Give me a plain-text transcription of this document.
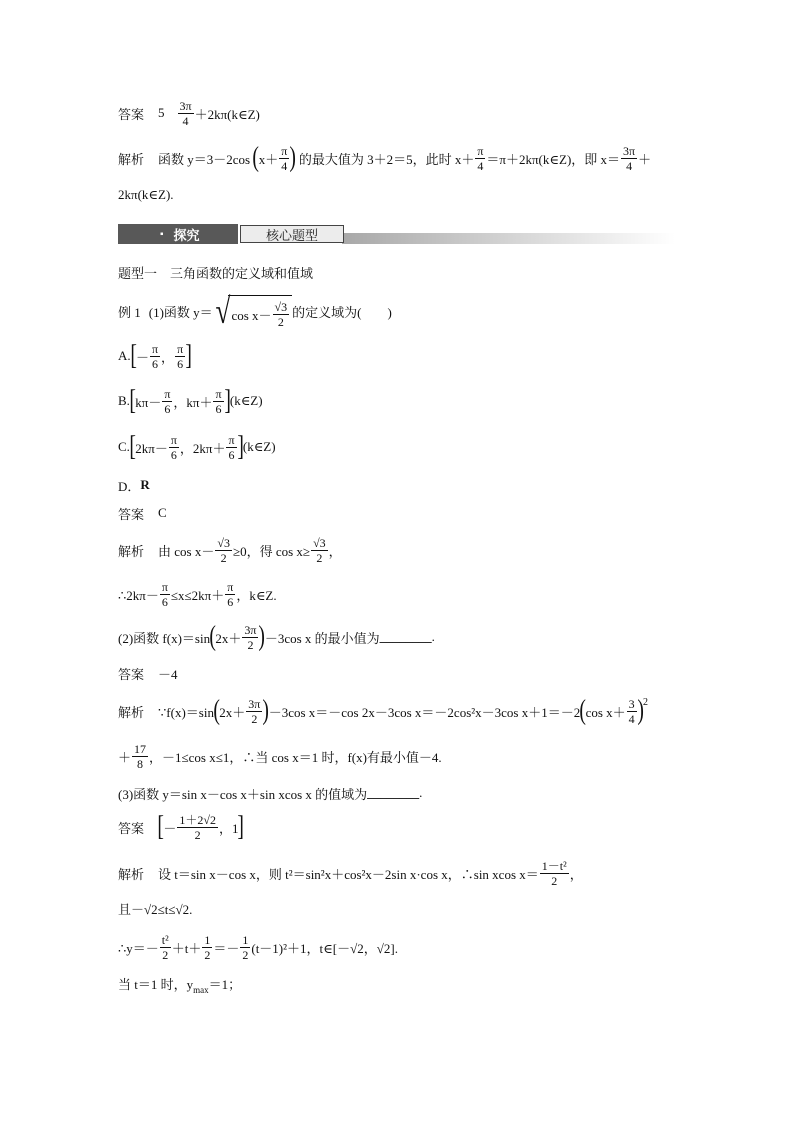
答案 $5 \frac{3\pi}{4}$ ＋2kπ(k∈Z)
解析 函数 y＝3－2cos ( $x+ \frac{\pi}{4}$ ) 的最大值为 3＋2＝5，此时 $x+ \frac{\pi}{4}$ ＝π＋2kπ(k∈Z)，即 $x= \frac{3\pi}{4}$ ＋
2kπ(k∈Z).
▪ 探究	核心题型
题型一　三角函数的定义域和值域
例 1 (1)函数 y＝ √ $\cos x- \frac{√3}{2}$ 的定义域为(　　)
A. [ － $\frac{\pi}{6}$ ， $\frac{\pi}{6}$ ]
B. [ $k\pi- \frac{\pi}{6}$ ，$k\pi+ \frac{\pi}{6}$ ] (k∈Z)
C. [ $2k\pi- \frac{\pi}{6}$ ，$2k\pi+ \frac{\pi}{6}$ ] (k∈Z)
D． R
答案 C
解析 由 $\cos x- \frac{√3}{2} \ge 0$，得 $\cos x\ge \frac{√3}{2}$ ，
∴2kπ－ $\frac{\pi}{6} \le x\le 2k\pi+ \frac{\pi}{6}$ ，k∈Z.
(2)函数 f(x)＝sin ( $2x+ \frac{3\pi}{2}$ ) －3cos x 的最小值为 ________ .
答案 －4
解析 ∵f(x)＝sin ( $2x+ \frac{3\pi}{2}$ ) －3cos x＝－cos 2x－3cos x＝－2cos²x－3cos x＋1＝－2 ( $\cos x+ \frac{3}{4}$ ) 2
＋ $\frac{17}{8}$ ，－1≤cos x≤1，∴当 cos x＝1 时，f(x)有最小值－4.
(3)函数 y＝sin x－cos x＋sin xcos x 的值域为 ________ .
答案 [ － $\frac{1+2√2}{2}$ ，1 ]
解析 设 t＝sin x－cos x，则 t²＝sin²x＋cos²x－2sin x·cos x，∴sin xcos $x= \frac{\text{1－t²}}{2}$ ，
且－√2≤t≤√2.
∴y＝－ $\frac{\text{t²}}{2} +t+ \frac{1}{2} =- \frac{1}{2} (t-1)^2+1$，t∈[－√2，√2].
当 t＝1 时，y max ＝1；
